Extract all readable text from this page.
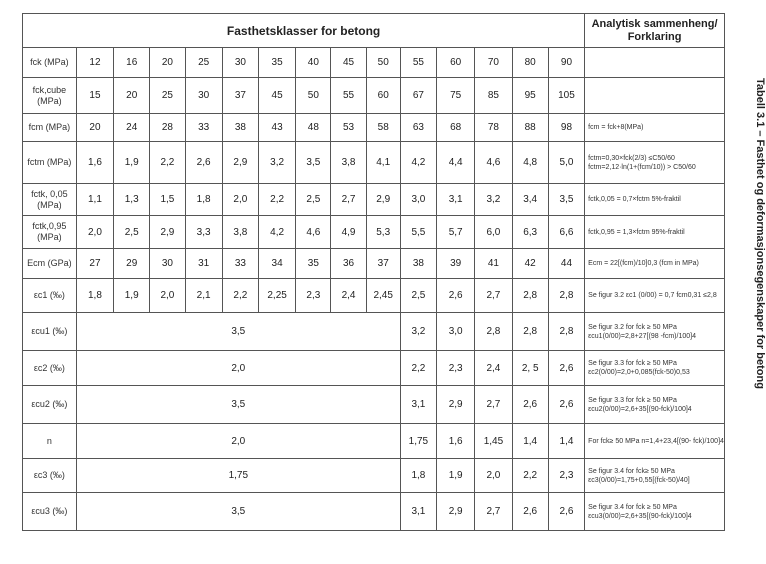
Fasthetsklasser for betong															Analytisk sammenheng/ Forklaring
fck (MPa)	12	16	20	25	30	35	40	45	50	55	60	70	80	90	
fck,cube (MPa)	15	20	25	30	37	45	50	55	60	67	75	85	95	105	
fcm (MPa)	20	24	28	33	38	43	48	53	58	63	68	78	88	98	fcm = fck+8(MPa)
fctm (MPa)	1,6	1,9	2,2	2,6	2,9	3,2	3,5	3,8	4,1	4,2	4,4	4,6	4,8	5,0	fctm=0,30×fck(2/3) ≤C50/60 fctm=2,12·ln(1+(fcm/10)) > C50/60
fctk, 0,05 (MPa)	1,1	1,3	1,5	1,8	2,0	2,2	2,5	2,7	2,9	3,0	3,1	3,2	3,4	3,5	fctk,0,05 = 0,7×fctm 5%-fraktil
fctk,0,95 (MPa)	2,0	2,5	2,9	3,3	3,8	4,2	4,6	4,9	5,3	5,5	5,7	6,0	6,3	6,6	fctk,0,95 = 1,3×fctm 95%-fraktil
Ecm (GPa)	27	29	30	31	33	34	35	36	37	38	39	41	42	44	Ecm = 22[(fcm)/10]0,3 (fcm in MPa)
εc1 (‰)	1,8	1,9	2,0	2,1	2,2	2,25	2,3	2,4	2,45	2,5	2,6	2,7	2,8	2,8	Se figur 3.2 εc1 (0/00) = 0,7 fcm0,31 ≤2,8
εcu1 (‰)	3,5									3,2	3,0	2,8	2,8	2,8	Se figur 3.2 for fck ≥ 50 MPa εcu1(0/00)=2,8+27[(98 -fcm)/100]4
εc2 (‰)	2,0									2,2	2,3	2,4	2, 5	2,6	Se figur 3.3 for fck ≥ 50 MPa εc2(0/00)=2,0+0,085(fck-50)0,53
εcu2 (‰)	3,5									3,1	2,9	2,7	2,6	2,6	Se figur 3.3 for fck ≥ 50 MPa εcu2(0/00)=2,6+35[(90-fck)/100]4
n	2,0									1,75	1,6	1,45	1,4	1,4	For fck≥ 50 MPa n=1,4+23,4[(90- fck)/100]4
εc3 (‰)	1,75									1,8	1,9	2,0	2,2	2,3	Se figur 3.4 for fck≥ 50 MPa εc3(0/00)=1,75+0,55[(fck-50)/40]
εcu3 (‰)	3,5									3,1	2,9	2,7	2,6	2,6	Se figur 3.4 for fck ≥ 50 MPa εcu3(0/00)=2,6+35[(90-fck)/100]4
Tabell 3.1 – Fasthet og deformasjonsegenskaper for betong
